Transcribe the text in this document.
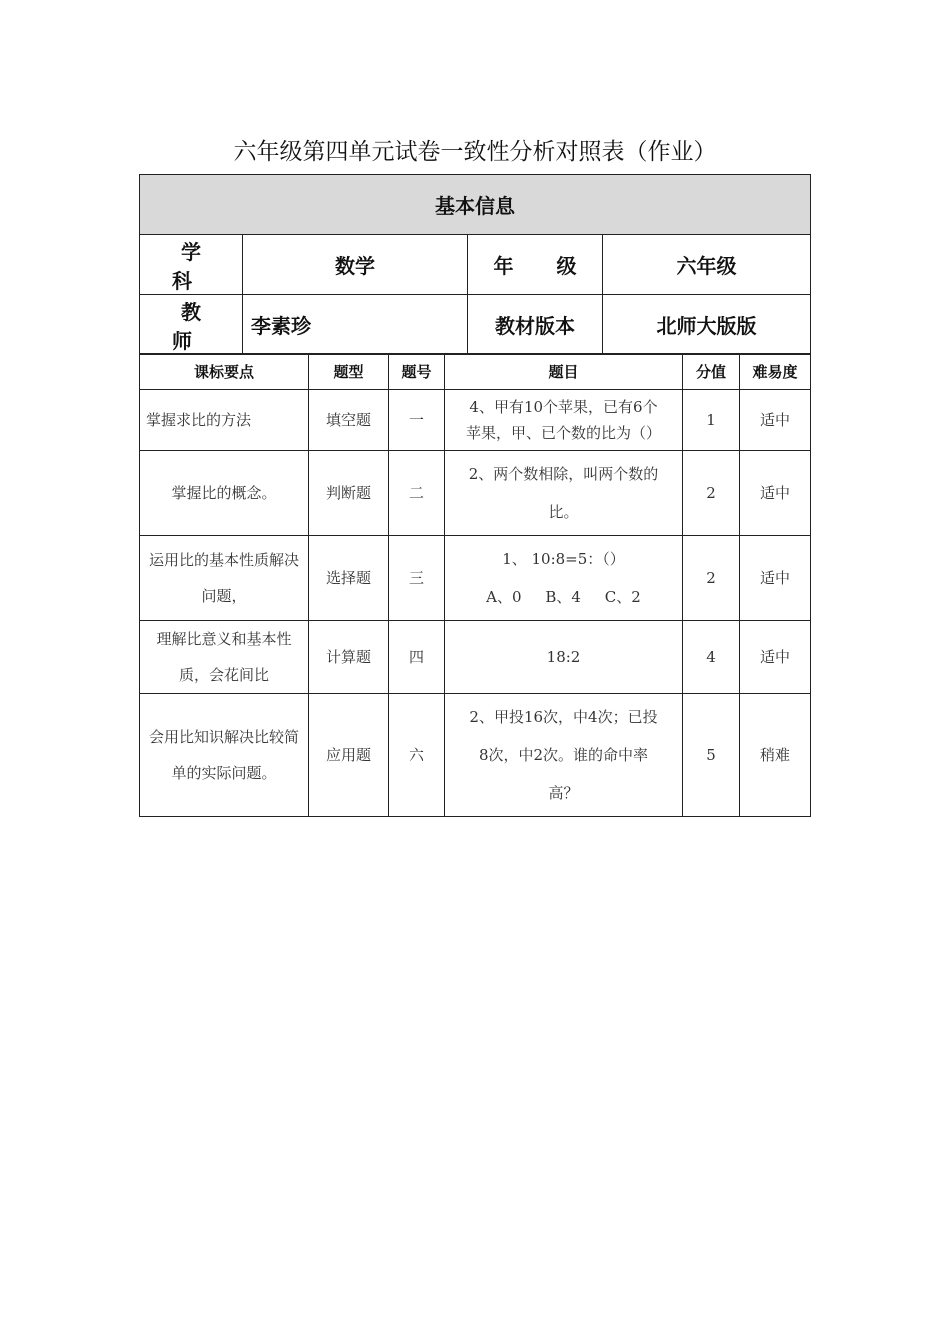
六年级第四单元试卷一致性分析对照表（作业）
基本信息			
学 科	数学	年 级	六年级
教 师	李素珍	教材版本	北师大版版
课标要点	题型	题号	题目	分值	难易度
掌握求比的方法	填空题	一	4、甲有10个苹果，已有6个
苹果，甲、已个数的比为（）	1	适中
掌握比的概念。	判断题	二	2、两个数相除，叫两个数的
比。	2	适中
运用比的基本性质解决问题，	选择题	三	1、 10:8=5：（）
A、0     B、4     C、2	2	适中
理解比意义和基本性质，会花间比	计算题	四	18:2	4	适中
会用比知识解决比较简单的实际问题。	应用题	六	2、甲投16次，中4次；已投
8次，中2次。谁的命中率
高？	5	稍难
